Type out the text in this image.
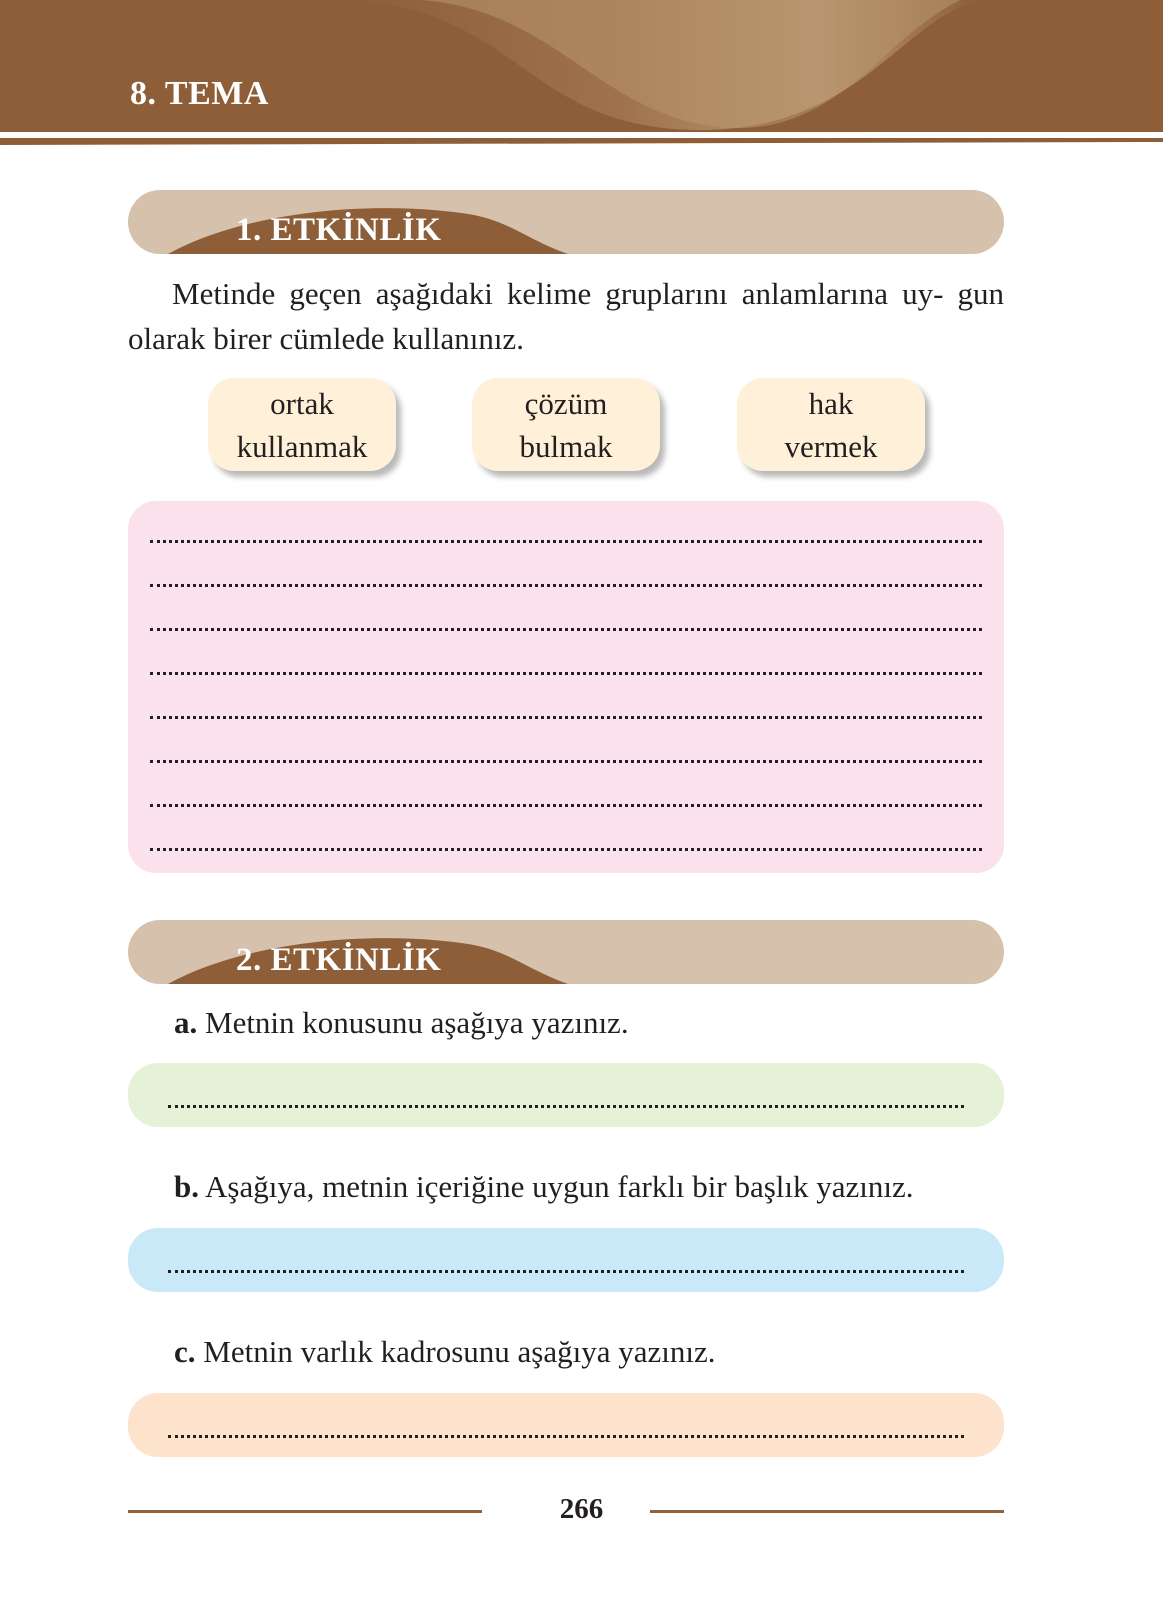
8. TEMA
1. ETKİNLİK
Metinde geçen aşağıdaki kelime gruplarını anlamlarına uy- gun olarak birer cümlede kullanınız.
ortak
kullanmak
çözüm
bulmak
hak
vermek
2. ETKİNLİK
a. Metnin konusunu aşağıya yazınız.
b. Aşağıya, metnin içeriğine uygun farklı bir başlık yazınız.
c. Metnin varlık kadrosunu aşağıya yazınız.
266
